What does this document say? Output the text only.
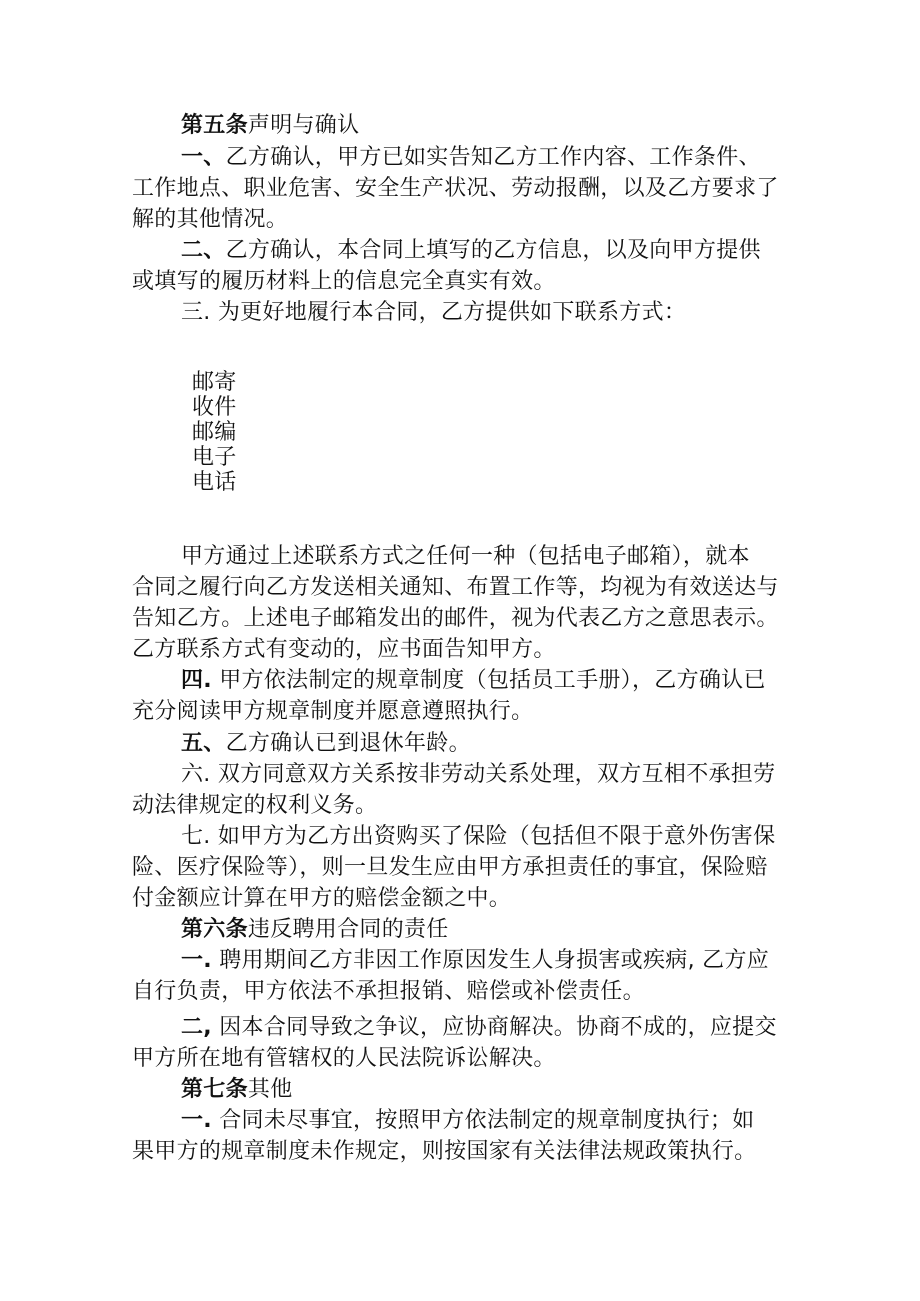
第五条声明与确认
一、乙方确认，甲方已如实告知乙方工作内容、工作条件、
工作地点、职业危害、安全生产状况、劳动报酬，以及乙方要求了
解的其他情况。
二、乙方确认，本合同上填写的乙方信息，以及向甲方提供
或填写的履历材料上的信息完全真实有效。
三. 为更好地履行本合同，乙方提供如下联系方式：
邮寄
收件
邮编
电子
电话
甲方通过上述联系方式之任何一种（包括电子邮箱），就本
合同之履行向乙方发送相关通知、布置工作等，均视为有效送达与
告知乙方。上述电子邮箱发出的邮件，视为代表乙方之意思表示。
乙方联系方式有变动的，应书面告知甲方。
四. 甲方依法制定的规章制度（包括员工手册），乙方确认已
充分阅读甲方规章制度并愿意遵照执行。
五、乙方确认已到退休年龄。
六. 双方同意双方关系按非劳动关系处理，双方互相不承担劳
动法律规定的权利义务。
七. 如甲方为乙方出资购买了保险（包括但不限于意外伤害保
险、医疗保险等），则一旦发生应由甲方承担责任的事宜，保险赔
付金额应计算在甲方的赔偿金额之中。
第六条违反聘用合同的责任
一. 聘用期间乙方非因工作原因发生人身损害或疾病, 乙方应
自行负责，甲方依法不承担报销、赔偿或补偿责任。
二, 因本合同导致之争议，应协商解决。协商不成的，应提交
甲方所在地有管辖权的人民法院诉讼解决。
第七条其他
一. 合同未尽事宜，按照甲方依法制定的规章制度执行；如
果甲方的规章制度未作规定，则按国家有关法律法规政策执行。
